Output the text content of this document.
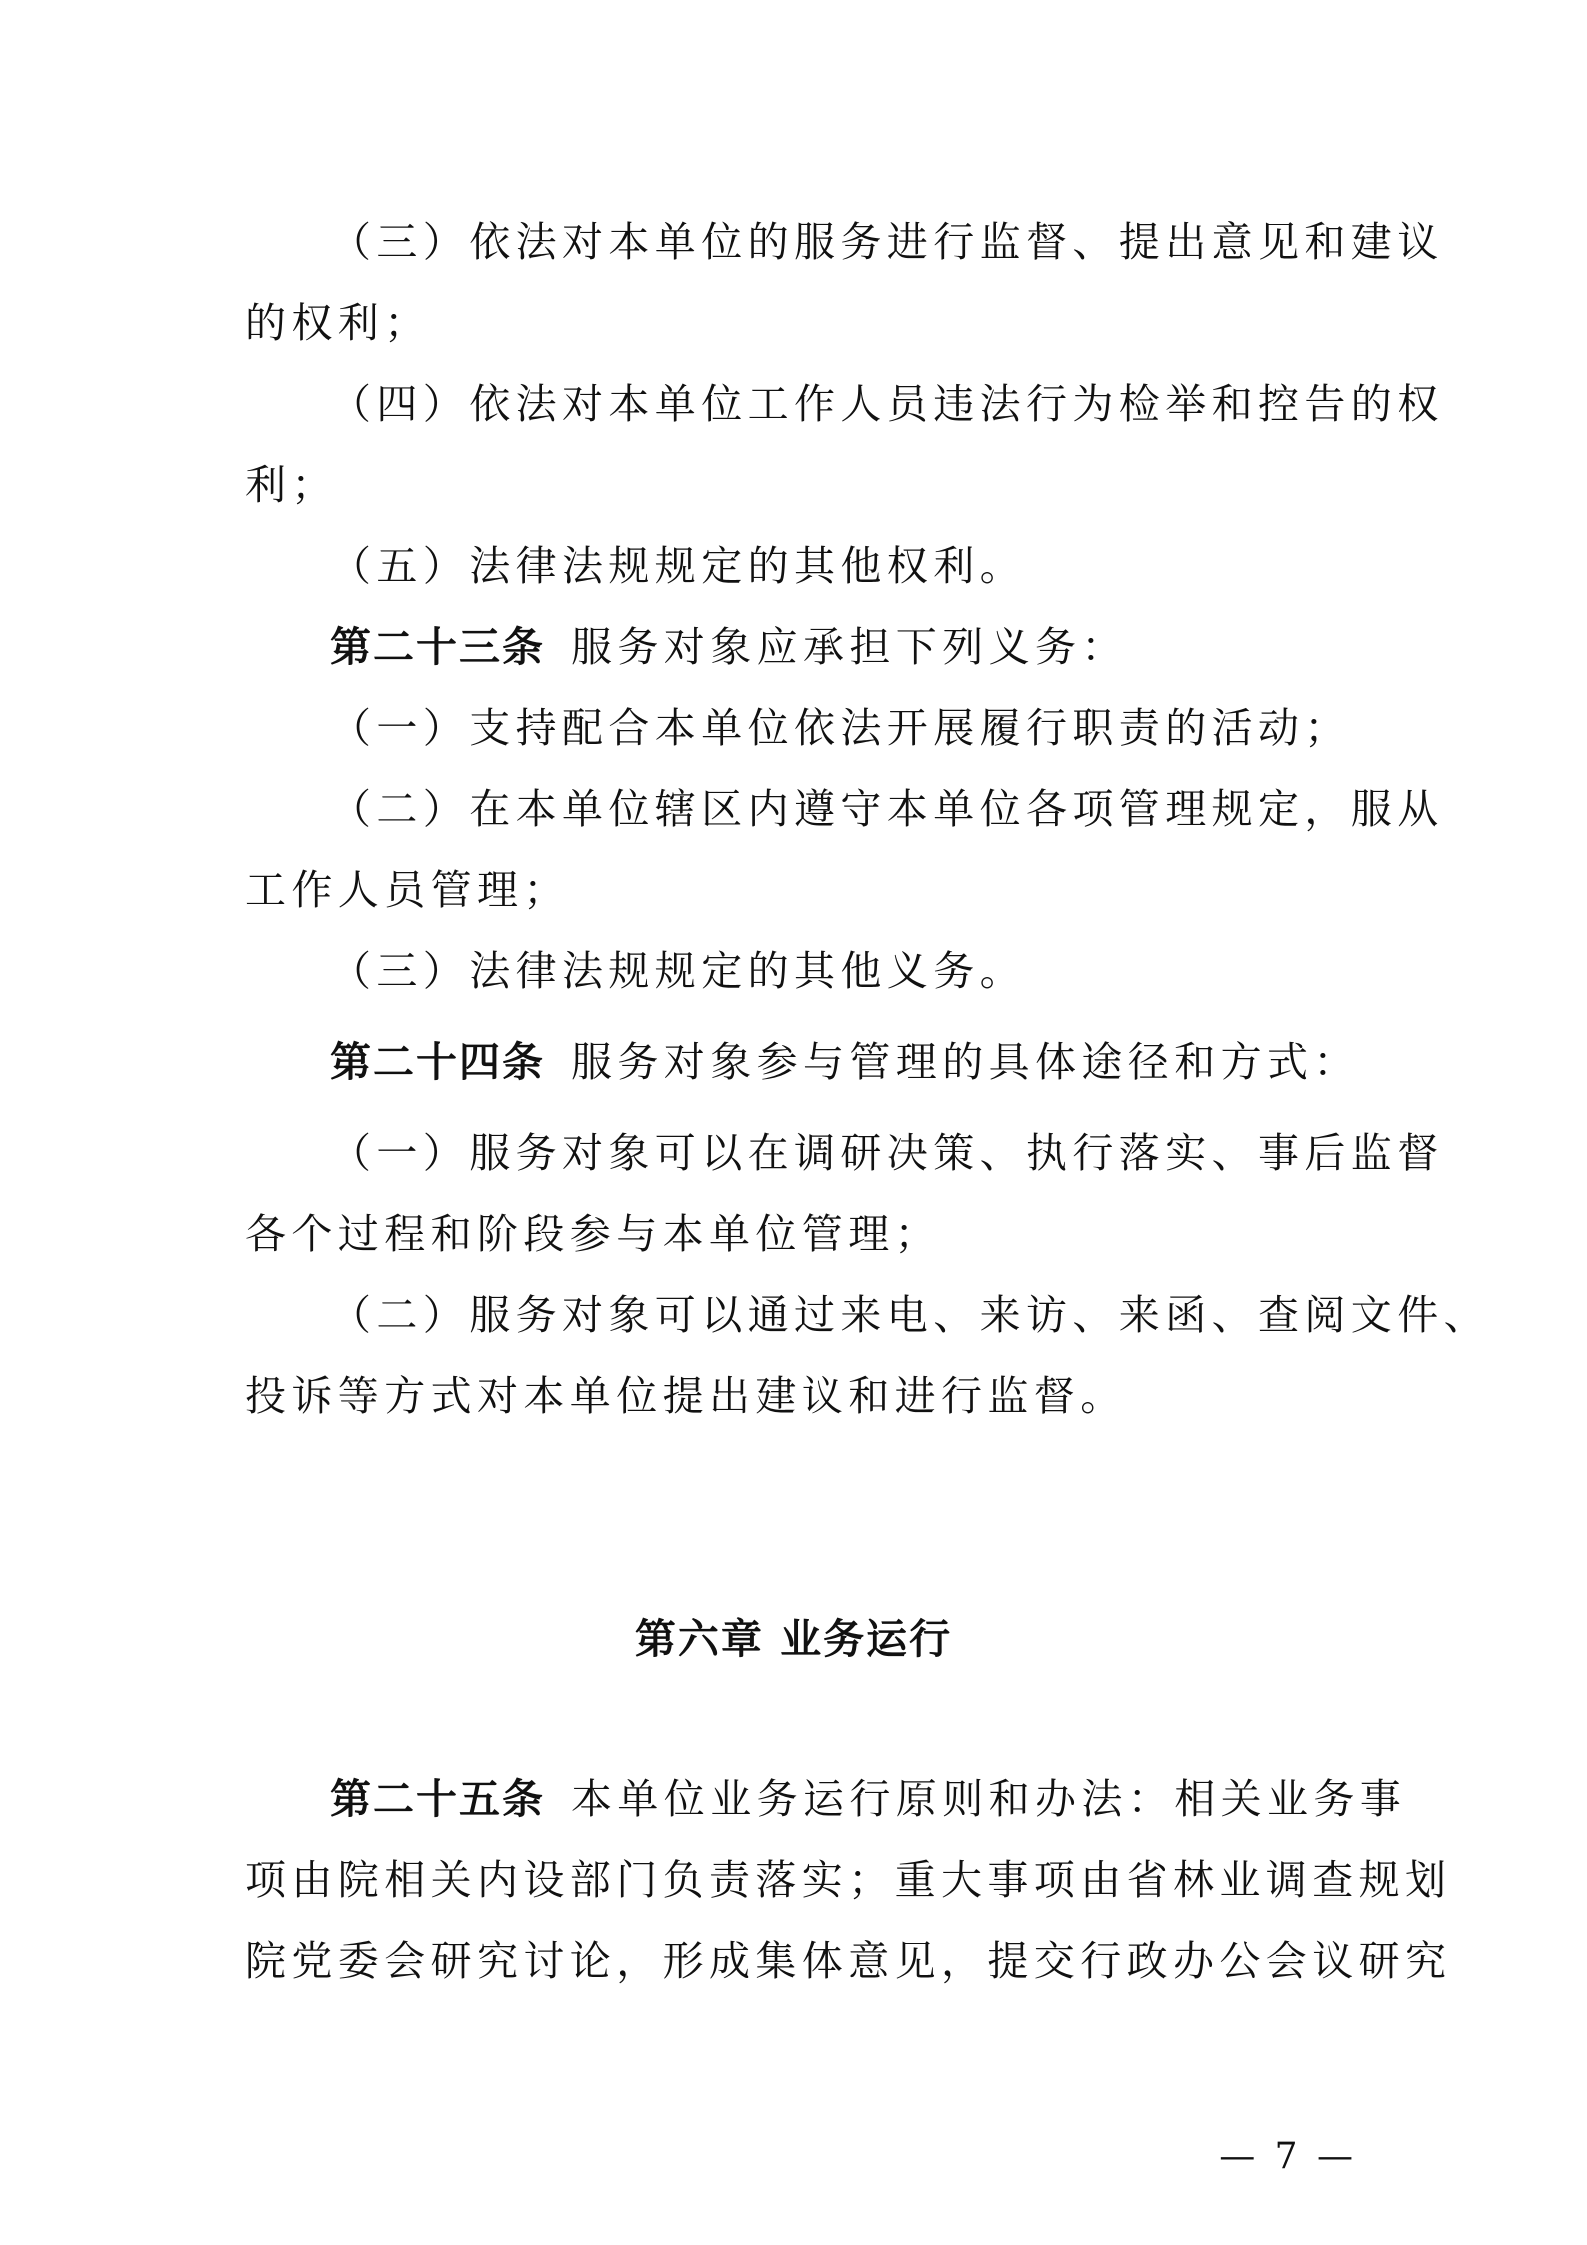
（三）依法对本单位的服务进行监督、提出意见和建议
的权利；
（四）依法对本单位工作人员违法行为检举和控告的权
利；
（五）法律法规规定的其他权利。
第二十三条 服务对象应承担下列义务：
（一）支持配合本单位依法开展履行职责的活动；
（二）在本单位辖区内遵守本单位各项管理规定，服从
工作人员管理；
（三）法律法规规定的其他义务。
第二十四条 服务对象参与管理的具体途径和方式：
（一）服务对象可以在调研决策、执行落实、事后监督
各个过程和阶段参与本单位管理；
（二）服务对象可以通过来电、来访、来函、查阅文件、
投诉等方式对本单位提出建议和进行监督。
第六章 业务运行
第二十五条 本单位业务运行原则和办法：相关业务事
项由院相关内设部门负责落实；重大事项由省林业调查规划
院党委会研究讨论，形成集体意见，提交行政办公会议研究
— 7 —
